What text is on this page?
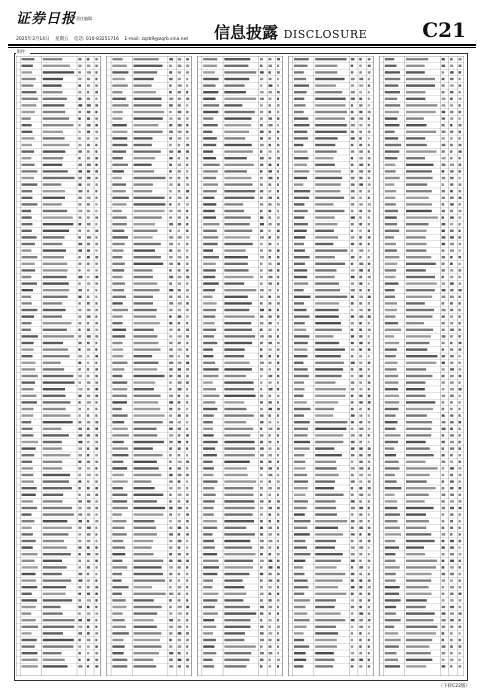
证券日报 责任编辑
2025年3月14日 星期五 电话: 010-83251716 E-mail: zqrb9@zqrb.sina.net 信息披露 DISCLOSURE	C21
附件：
（下转C22版）
